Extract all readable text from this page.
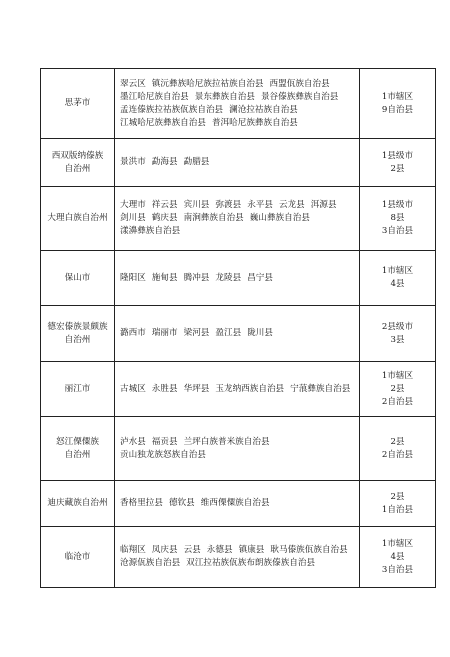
思茅市	翠云区 镇沅彝族哈尼族拉祜族自治县 西盟佤族自治县
墨江哈尼族自治县 景东彝族自治县 景谷傣族彝族自治县
孟连傣族拉祜族佤族自治县 澜沧拉祜族自治县
江城哈尼族彝族自治县 普洱哈尼族彝族自治县	1市辖区
9自治县

西双版纳傣族
自治州	景洪市 勐海县 勐腊县	1县级市
2县

大理白族自治州	大理市 祥云县 宾川县 弥渡县 永平县 云龙县 洱源县
剑川县 鹤庆县 南涧彝族自治县 巍山彝族自治县
漾濞彝族自治县	1县级市
8县
3自治县

保山市	隆阳区 施甸县 腾冲县 龙陵县 昌宁县	1市辖区
4县

德宏傣族景颇族
自治州	潞西市 瑞丽市 梁河县 盈江县 陇川县	2县级市
3县

丽江市	古城区 永胜县 华坪县 玉龙纳西族自治县 宁蒗彝族自治县	1市辖区
2县
2自治县

怒江傈僳族
自治州	泸水县 福贡县 兰坪白族普米族自治县
贡山独龙族怒族自治县	2县
2自治县

迪庆藏族自治州	香格里拉县 德钦县 维西傈僳族自治县	2县
1自治县

临沧市	临翔区 凤庆县 云县 永德县 镇康县 耿马傣族佤族自治县
沧源佤族自治县 双江拉祜族佤族布朗族傣族自治县	1市辖区
4县
3自治县
